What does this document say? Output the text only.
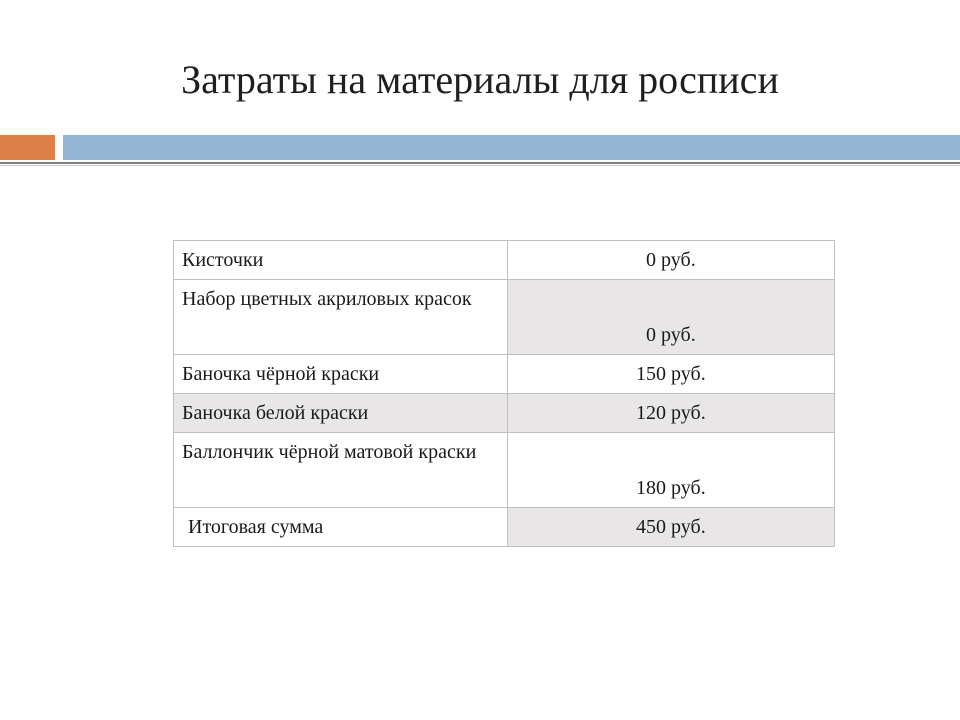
Затраты на материалы для росписи
Кисточки	0 руб.
Набор цветных акриловых красок	0 руб.
Баночка чёрной краски	150 руб.
Баночка белой краски	120 руб.
Баллончик чёрной матовой краски	180 руб.
Итоговая сумма	450 руб.
